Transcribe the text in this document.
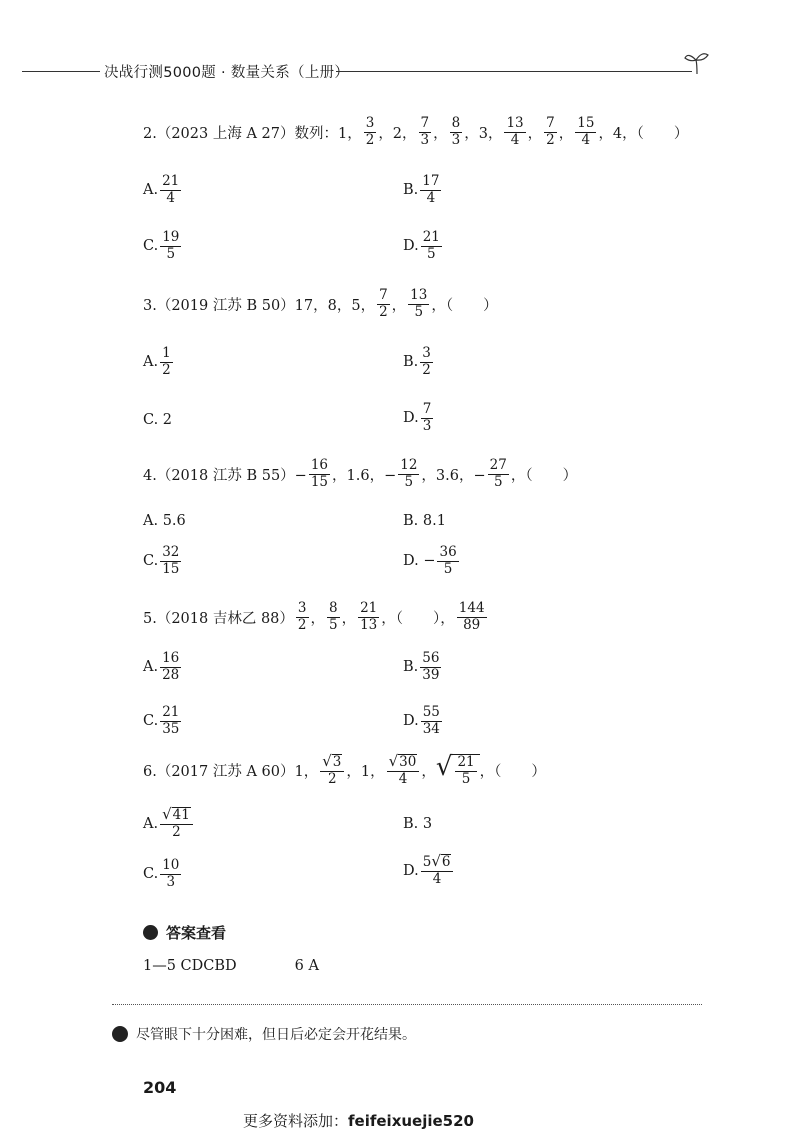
决战行测5000题 · 数量关系（上册）
2.（2023 上海 A 27）数列：1， $\frac{3}{2}$ ，2， $\frac{7}{3}$ ， $\frac{8}{3}$ ，3， $\frac{13}{4}$ ， $\frac{7}{2}$ ， $\frac{15}{4}$ ，4，（ ）
A. $\frac{21}{4}$	B. $\frac{17}{4}$
C. $\frac{19}{5}$	D. $\frac{21}{5}$
3.（2019 江苏 B 50）17，8，5， $\frac{7}{2}$ ， $\frac{13}{5}$ ，（ ）
A. $\frac{1}{2}$	B. $\frac{3}{2}$
C. 2	D. $\frac{7}{3}$
4.（2018 江苏 B $55)- \frac{16}{15}$ ，1.6，− $\frac{12}{5}$ ，3.6，− $\frac{27}{5}$ ，（ ）
A. 5.6	B. 8.1
C. $\frac{32}{15}$	D. − $\frac{36}{5}$
5.（2018 吉林乙 $88) \frac{3}{2}$ ， $\frac{8}{5}$ ， $\frac{21}{13}$ ，（ ）， $\frac{144}{89}$
A. $\frac{16}{28}$	B. $\frac{56}{39}$
C. $\frac{21}{35}$	D. $\frac{55}{34}$
6.（2017 江苏 A 60）1， $\frac{√ 3}{2}$ ，1， $\frac{√ 30}{4}$ ， √ $\frac{21}{5}$ ，（ ）
A. $\frac{√ 41}{2}$	B. 3
C. $\frac{10}{3}$	D. $\frac{5 √ 6}{4}$
答案查看
1—5 CDCBD	6 A
尽管眼下十分困难，但日后必定会开花结果。
204
更多资料添加：feifeixuejie520
